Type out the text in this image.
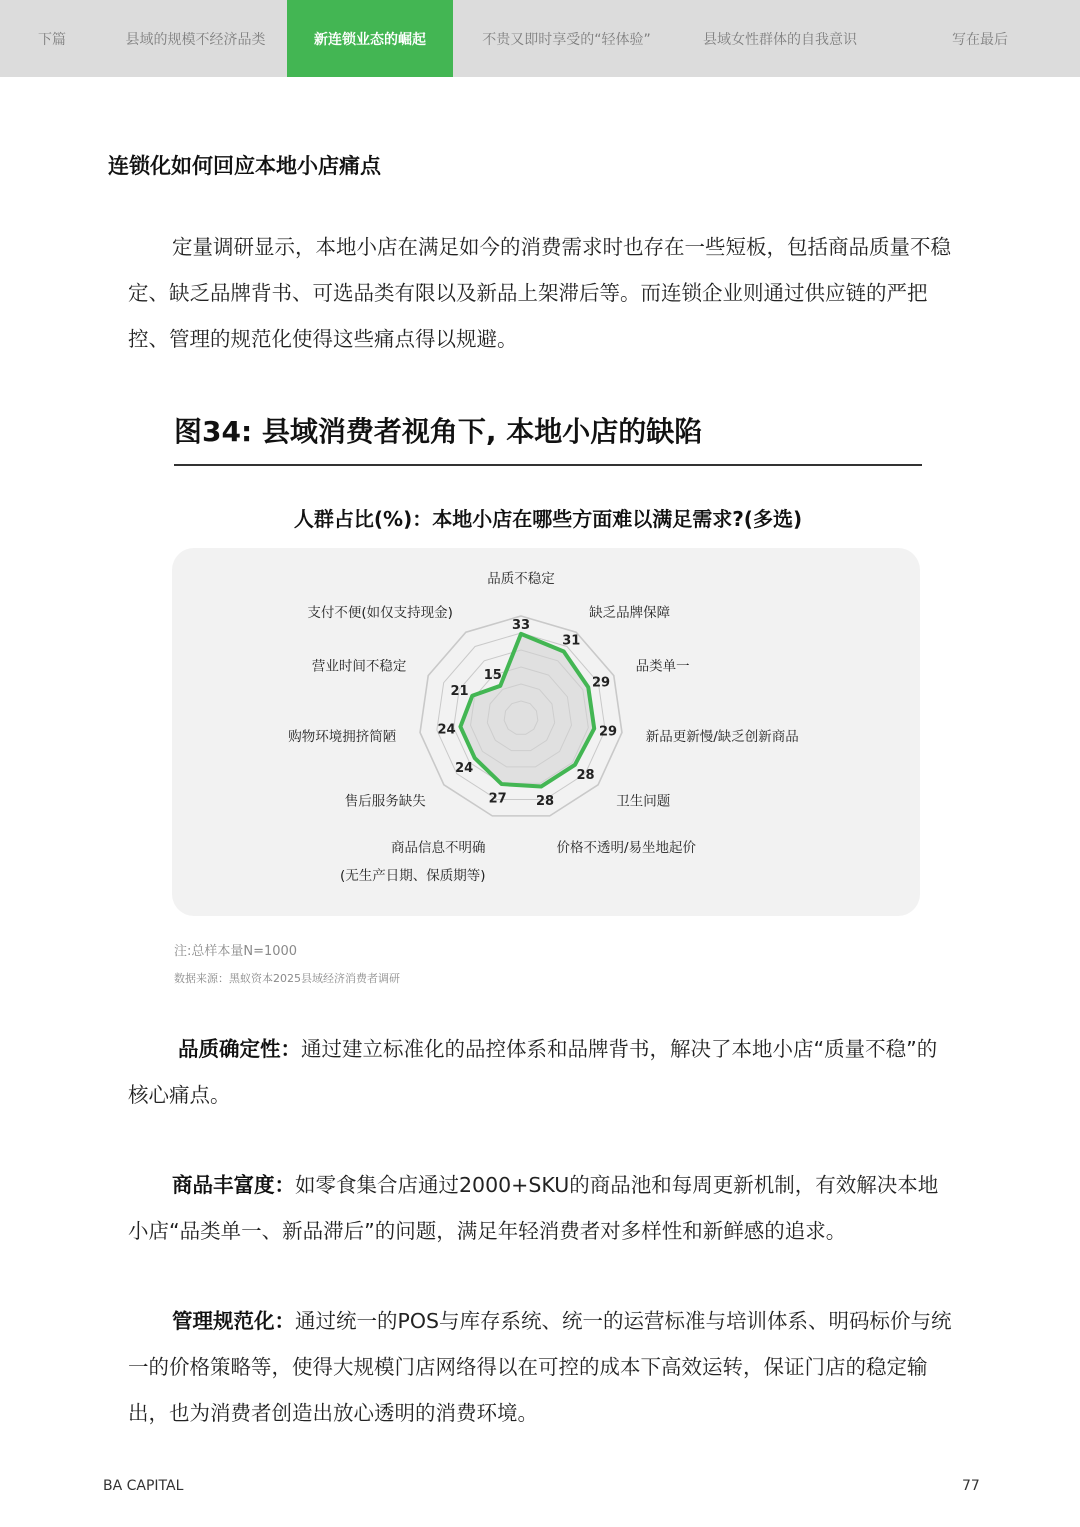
下篇	县域的规模不经济品类	新连锁业态的崛起	不贵又即时享受的“轻体验”	县域女性群体的自我意识	写在最后
连锁化如何回应本地小店痛点
定量调研显示，本地小店在满足如今的消费需求时也存在一些短板，包括商品质量不稳定、缺乏品牌背书、可选品类有限以及新品上架滞后等。而连锁企业则通过供应链的严把控、管理的规范化使得这些痛点得以规避。
图34: 县域消费者视角下, 本地小店的缺陷
人群占比(%)：本地小店在哪些方面难以满足需求?(多选)
33
31
29
29
28
28
27
24
24
21
15
品质不稳定
缺乏品牌保障
品类单一
新品更新慢/缺乏创新商品
卫生问题
价格不透明/易坐地起价
商品信息不明确
(无生产日期、保质期等)
售后服务缺失
购物环境拥挤简陋
营业时间不稳定
支付不便(如仅支持现金)
注:总样本量N=1000
数据来源：黑蚁资本2025县域经济消费者调研
品质确定性：通过建立标准化的品控体系和品牌背书，解决了本地小店“质量不稳”的核心痛点。
商品丰富度：如零食集合店通过2000+SKU的商品池和每周更新机制，有效解决本地小店“品类单一、新品滞后”的问题，满足年轻消费者对多样性和新鲜感的追求。
管理规范化：通过统一的POS与库存系统、统一的运营标准与培训体系、明码标价与统一的价格策略等，使得大规模门店网络得以在可控的成本下高效运转，保证门店的稳定输出，也为消费者创造出放心透明的消费环境。
BA CAPITAL	77
